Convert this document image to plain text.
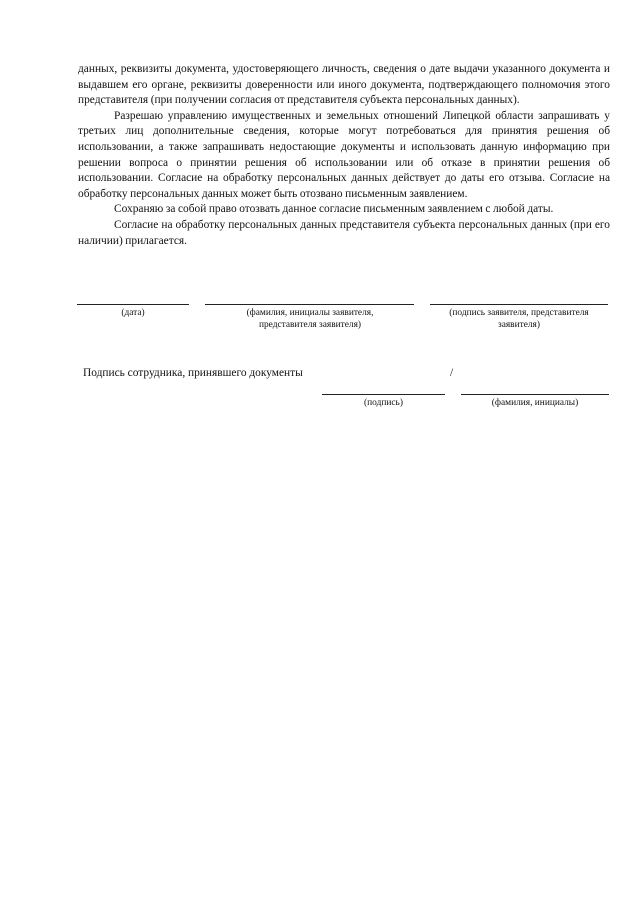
данных, реквизиты документа, удостоверяющего личность, сведения о дате выдачи указанного документа и выдавшем его органе, реквизиты доверенности или иного документа, подтверждающего полномочия этого представителя (при получении согласия от представителя субъекта персональных данных).

Разрешаю управлению имущественных и земельных отношений Липецкой области запрашивать у третьих лиц дополнительные сведения, которые могут потребоваться для принятия решения об использовании, а также запрашивать недостающие документы и использовать данную информацию при решении вопроса о принятии решения об использовании или об отказе в принятии решения об использовании. Согласие на обработку персональных данных действует до даты его отзыва. Согласие на обработку персональных данных может быть отозвано письменным заявлением.

Сохраняю за собой право отозвать данное согласие письменным заявлением с любой даты.

Согласие на обработку персональных данных представителя субъекта персональных данных (при его наличии) прилагается.

(дата)	(фамилия, инициалы заявителя, представителя заявителя)
(подпись заявителя, представителя заявителя)
Подпись сотрудника, принявшего документы	/
(подпись)	(фамилия, инициалы)
